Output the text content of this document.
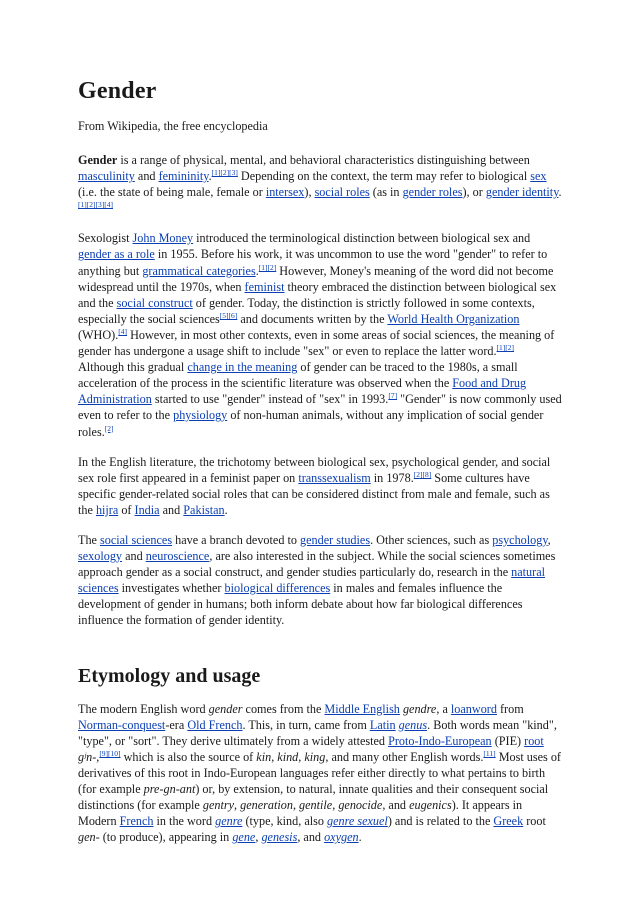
Gender
From Wikipedia, the free encyclopedia

Gender is a range of physical, mental, and behavioral characteristics distinguishing between masculinity and femininity.[1][2][3] Depending on the context, the term may refer to biological sex (i.e. the state of being male, female or intersex), social roles (as in gender roles), or gender identity.[1][2][3][4]

Sexologist John Money introduced the terminological distinction between biological sex and gender as a role in 1955. Before his work, it was uncommon to use the word "gender" to refer to anything but grammatical categories.[1][2] However, Money's meaning of the word did not become widespread until the 1970s, when feminist theory embraced the distinction between biological sex and the social construct of gender. Today, the distinction is strictly followed in some contexts, especially the social sciences[5][6] and documents written by the World Health Organization (WHO).[4] However, in most other contexts, even in some areas of social sciences, the meaning of gender has undergone a usage shift to include "sex" or even to replace the latter word.[1][2] Although this gradual change in the meaning of gender can be traced to the 1980s, a small acceleration of the process in the scientific literature was observed when the Food and Drug Administration started to use "gender" instead of "sex" in 1993.[7] "Gender" is now commonly used even to refer to the physiology of non-human animals, without any implication of social gender roles.[2]

In the English literature, the trichotomy between biological sex, psychological gender, and social sex role first appeared in a feminist paper on transsexualism in 1978.[2][8] Some cultures have specific gender-related social roles that can be considered distinct from male and female, such as the hijra of India and Pakistan.

The social sciences have a branch devoted to gender studies. Other sciences, such as psychology, sexology and neuroscience, are also interested in the subject. While the social sciences sometimes approach gender as a social construct, and gender studies particularly do, research in the natural sciences investigates whether biological differences in males and females influence the development of gender in humans; both inform debate about how far biological differences influence the formation of gender identity.

Etymology and usage

The modern English word gender comes from the Middle English gendre, a loanword from Norman-conquest-era Old French. This, in turn, came from Latin genus. Both words mean "kind", "type", or "sort". They derive ultimately from a widely attested Proto-Indo-European (PIE) root gʲn-,[9][10] which is also the source of kin, kind, king, and many other English words.[11] Most uses of derivatives of this root in Indo-European languages refer either directly to what pertains to birth (for example pre-gn-ant) or, by extension, to natural, innate qualities and their consequent social distinctions (for example gentry, generation, gentile, genocide, and eugenics). It appears in Modern French in the word genre (type, kind, also genre sexuel) and is related to the Greek root gen- (to produce), appearing in gene, genesis, and oxygen.
